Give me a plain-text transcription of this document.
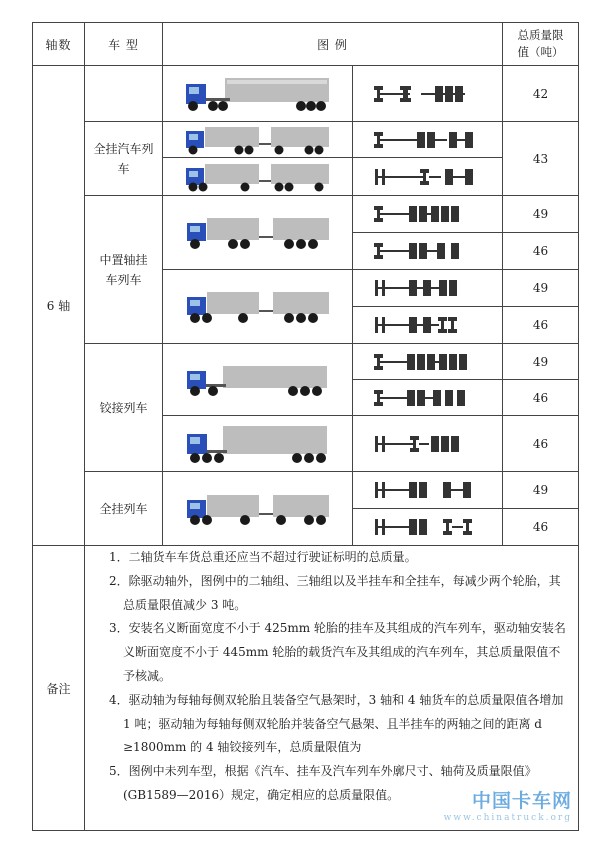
轴数	车 型	图 例		总质量限
值（吨）

6 轴				42

	全挂汽车列车			43

	中置轴挂车列车			49

	46

	49

	46

	铰接列车			49

	46

	46

	全挂列车			49

	46
备注	1．二轴货车车货总重还应当不超过行驶证标明的总质量。
2．除驱动轴外，图例中的二轴组、三轴组以及半挂车和全挂车，每减少两个轮胎，其总质量限值减少 3 吨。
3．安装名义断面宽度不小于 425mm 轮胎的挂车及其组成的汽车列车，驱动轴安装名义断面宽度不小于 445mm 轮胎的载货汽车及其组成的汽车列车，其总质量限值不予核减。
4．驱动轴为每轴每侧双轮胎且装备空气悬架时，3 轴和 4 轴货车的总质量限值各增加 1 吨；驱动轴为每轴每侧双轮胎并装备空气悬架、且半挂车的两轴之间的距离 d ≥1800mm 的 4 轴铰接列车，总质量限值为
5．图例中未列车型，根据《汽车、挂车及汽车列车外廓尺寸、轴荷及质量限值》(GB1589—2016）规定，确定相应的总质量限值。				中国卡车网
www.chinatruck.org
